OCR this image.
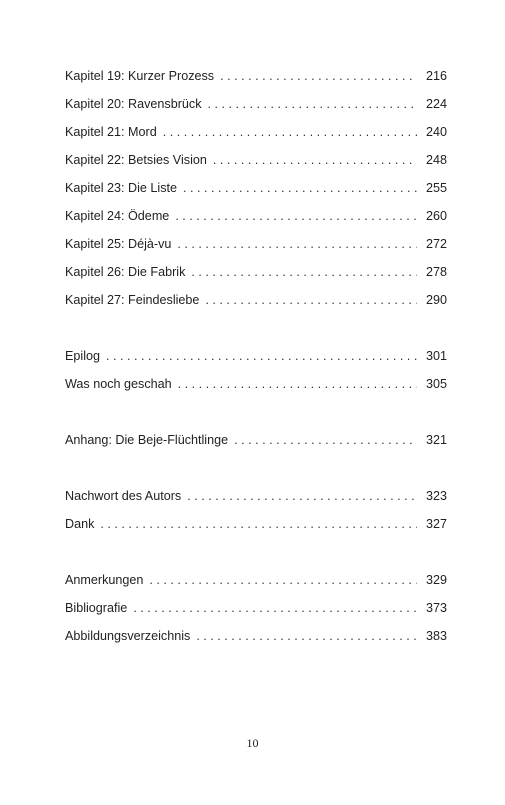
Kapitel 19: Kurzer Prozess . . .	216
Kapitel 20: Ravensbrück . . .	224
Kapitel 21: Mord . . .	240
Kapitel 22: Betsies Vision . . .	248
Kapitel 23: Die Liste . . .	255
Kapitel 24: Ödeme . . .	260
Kapitel 25: Déjà-vu . . .	272
Kapitel 26: Die Fabrik . . .	278
Kapitel 27: Feindesliebe . . .	290
Epilog . . .	301
Was noch geschah . . .	305
Anhang: Die Beje-Flüchtlinge . . .	321
Nachwort des Autors . . .	323
Dank . . .	327
Anmerkungen . . .	329
Bibliografie . . .	373
Abbildungsverzeichnis . . .	383
10
